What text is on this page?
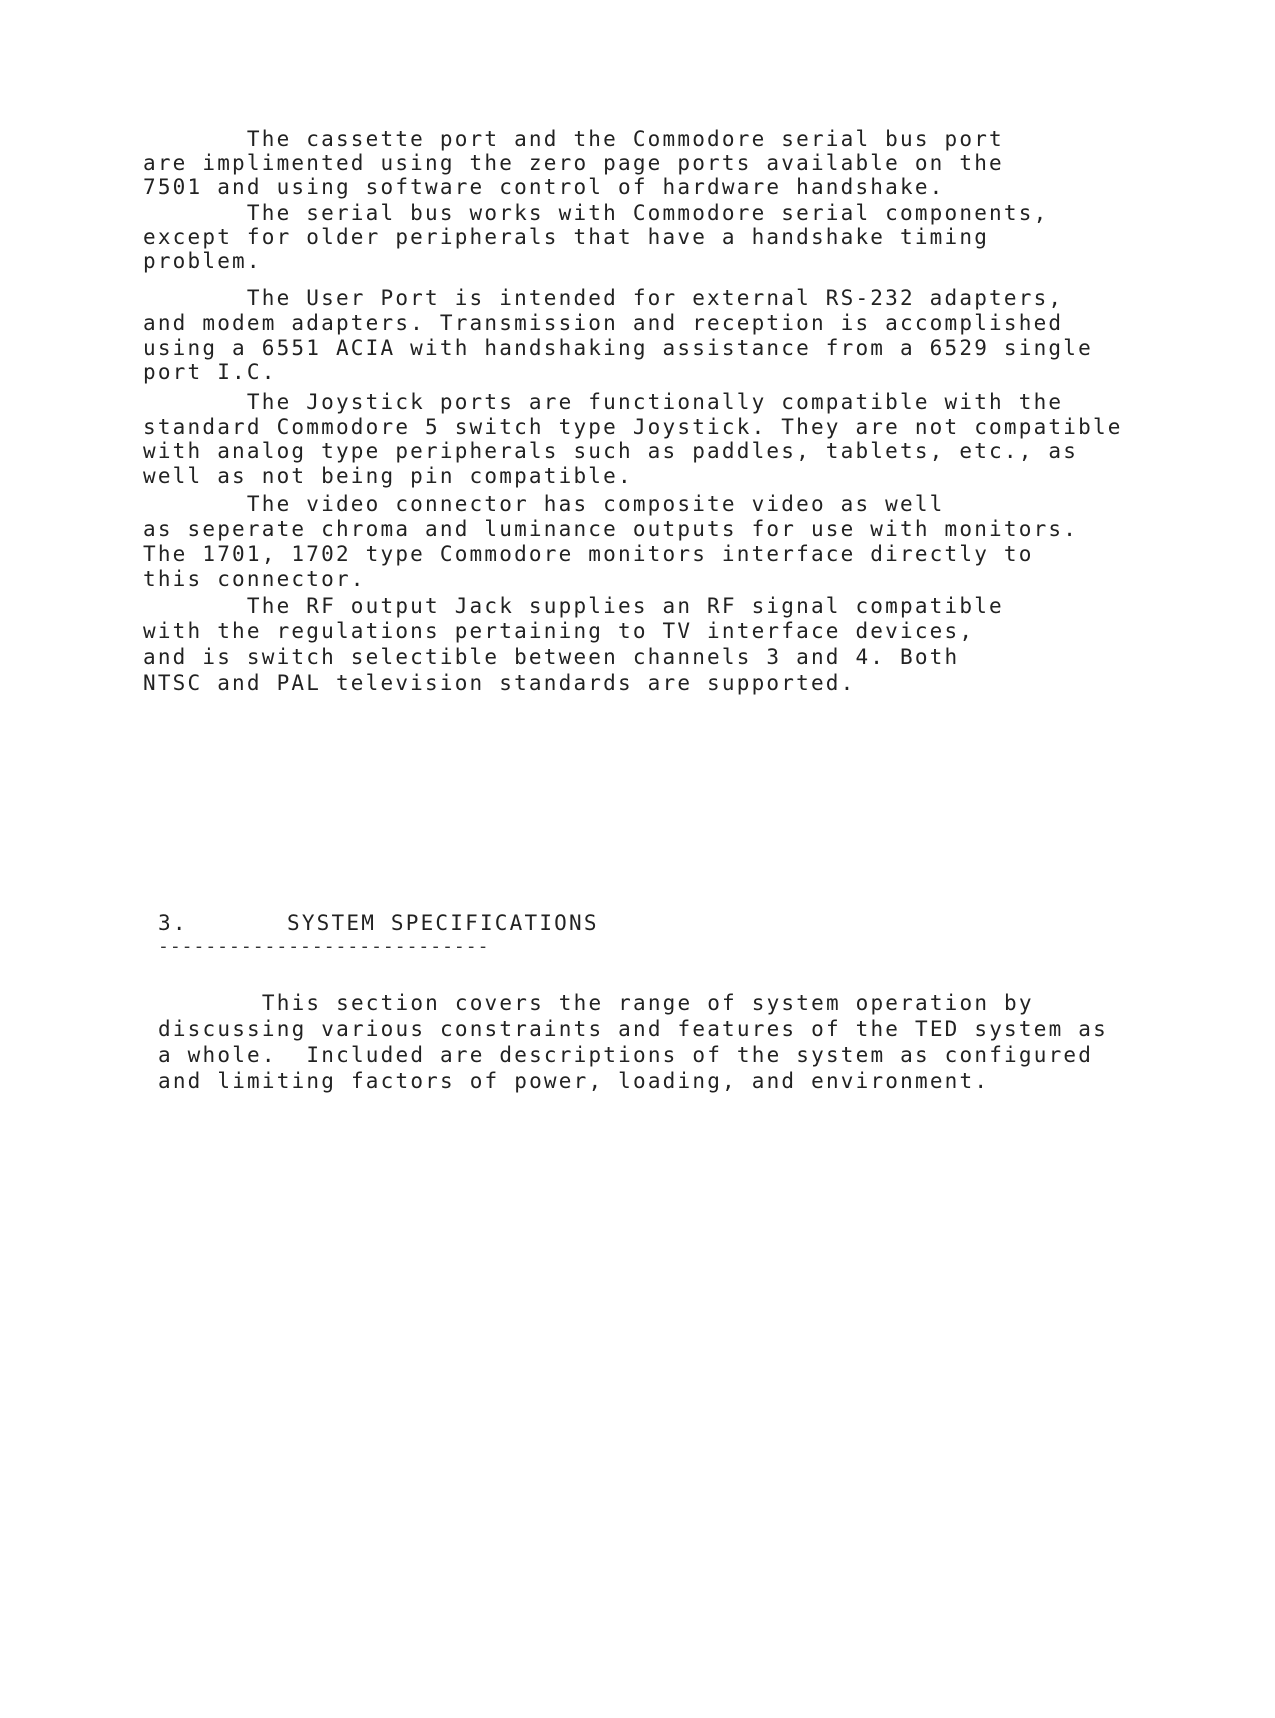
The cassette port and the Commodore serial bus port
are implimented using the zero page ports available on the
7501 and using software control of hardware handshake.
The serial bus works with Commodore serial components,
except for older peripherals that have a handshake timing
problem.
The User Port is intended for external RS-232 adapters,
and modem adapters. Transmission and reception is accomplished
using a 6551 ACIA with handshaking assistance from a 6529 single
port I.C.
The Joystick ports are functionally compatible with the
standard Commodore 5 switch type Joystick. They are not compatible
with analog type peripherals such as paddles, tablets, etc., as
well as not being pin compatible.
The video connector has composite video as well
as seperate chroma and luminance outputs for use with monitors.
The 1701, 1702 type Commodore monitors interface directly to
this connector.
The RF output Jack supplies an RF signal compatible
with the regulations pertaining to TV interface devices,
and is switch selectible between channels 3 and 4. Both
NTSC and PAL television standards are supported.
3.	SYSTEM SPECIFICATIONS
----------------------------
This section covers the range of system operation by
discussing various constraints and features of the TED system as
a whole.  Included are descriptions of the system as configured
and limiting factors of power, loading, and environment.
